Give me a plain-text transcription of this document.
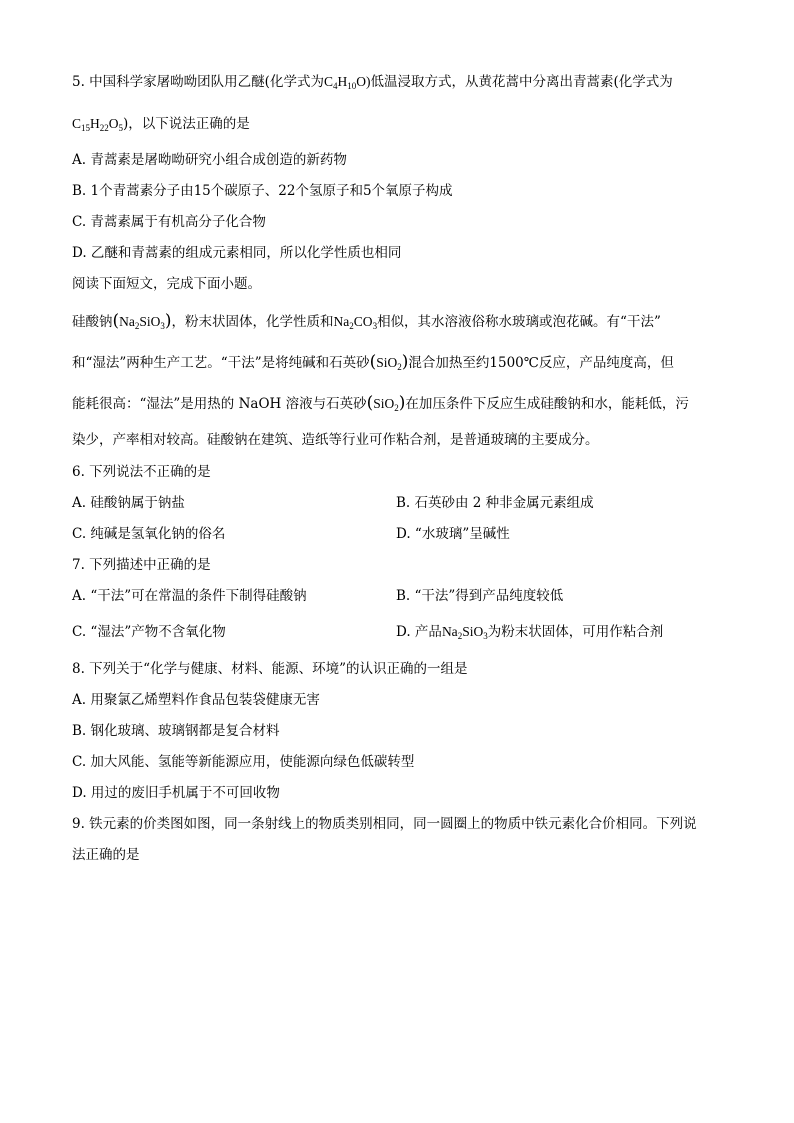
5. 中国科学家屠呦呦团队用乙醚(化学式为$C_4H_{10}O$)低温浸取方式，从黄花蒿中分离出青蒿素(化学式为
$C_{15}H_{22}O_5$)，以下说法正确的是
A. 青蒿素是屠呦呦研究小组合成创造的新药物
B. 1个青蒿素分子由15个碳原子、22个氢原子和5个氧原子构成
C. 青蒿素属于有机高分子化合物
D. 乙醚和青蒿素的组成元素相同，所以化学性质也相同
阅读下面短文，完成下面小题。
硅酸钠$(Na_2SiO_3)$，粉末状固体，化学性质和$Na_2CO_3$相似，其水溶液俗称水玻璃或泡花碱。有“干法”
和“湿法”两种生产工艺。“干法”是将纯碱和石英砂(SiO$_2$)混合加热至约1500℃反应，产品纯度高，但
能耗很高：“湿法”是用热的 NaOH 溶液与石英砂(SiO$_2$)在加压条件下反应生成硅酸钠和水，能耗低，污
染少，产率相对较高。硅酸钠在建筑、造纸等行业可作粘合剂，是普通玻璃的主要成分。
6. 下列说法不正确的是
A. 硅酸钠属于钠盐	B. 石英砂由 2 种非金属元素组成
C. 纯碱是氢氧化钠的俗名	D. “水玻璃”呈碱性
7. 下列描述中正确的是
A. “干法”可在常温的条件下制得硅酸钠	B. “干法”得到产品纯度较低
C. “湿法”产物不含氧化物	D. 产品$Na_2SiO_3$为粉末状固体，可用作粘合剂
8. 下列关于“化学与健康、材料、能源、环境”的认识正确的一组是
A. 用聚氯乙烯塑料作食品包装袋健康无害
B. 钢化玻璃、玻璃钢都是复合材料
C. 加大风能、氢能等新能源应用，使能源向绿色低碳转型
D. 用过的废旧手机属于不可回收物
9. 铁元素的价类图如图，同一条射线上的物质类别相同，同一圆圈上的物质中铁元素化合价相同。下列说
法正确的是
